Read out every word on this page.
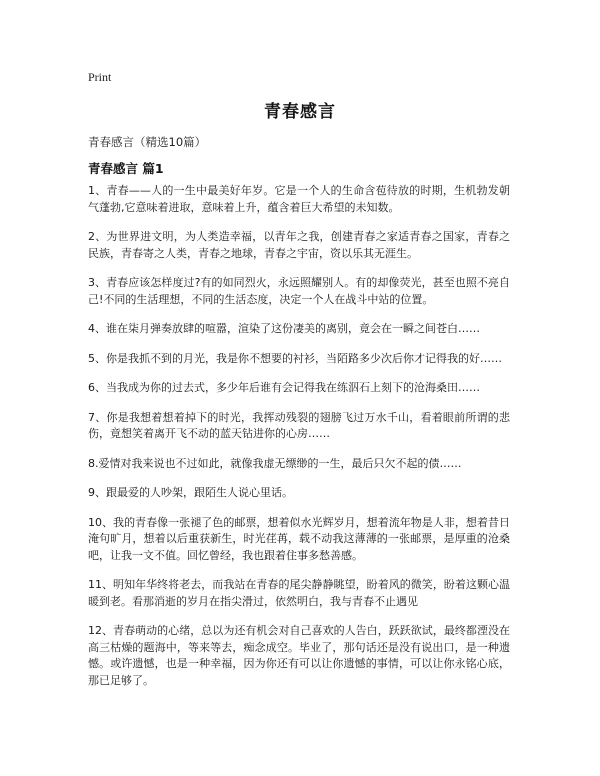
Print
青春感言
青春感言（精选10篇）
青春感言 篇1

1、青春——人的一生中最美好年岁。它是一个人的生命含苞待放的时期，生机勃发朝气蓬勃,它意味着进取，意味着上升，蕴含着巨大希望的未知数。

2、为世界进文明，为人类造幸福，以青年之我，创建青春之家适青春之国家，青春之民族，青春寄之人类，青春之地球，青春之宇宙，资以乐其无涯生。

3、青春应该怎样度过?有的如同烈火，永远照耀别人。有的却像荧光，甚至也照不亮自己!不同的生活理想，不同的生活态度，决定一个人在战斗中站的位置。

4、谁在柒月弹奏放肆的喧嚣，渲染了这份凄美的离别，竟会在一瞬之间苍白……

5、你是我抓不到的月光，我是你不想要的衬衫，当陌路多少次后你才记得我的好……

6、当我成为你的过去式，多少年后谁有会记得我在练泅石上刻下的沧海桑田……

7、你是我想着想着掉下的时光，我挥动残裂的翅膀飞过万水千山，看着眼前所谓的悲伤，竟想笑着离开飞不动的蓝天钻进你的心房……

8.爱情对我来说也不过如此，就像我虚无缥缈的一生，最后只欠不起的债……

9、跟最爱的人吵架，跟陌生人说心里话。

10、我的青春像一张褪了色的邮票，想着似水光辉岁月，想着流年物是人非，想着昔日淹句旷月，想着以后重获新生，时光荏苒，载不动我这薄薄的一张邮票，是厚重的沧桑吧，让我一文不值。回忆曾经，我也跟着住事多愁善感。

11、明知年华终将老去，而我站在青春的尾尖静静眺望，盼着风的微笑，盼着这颗心温暖到老。看那消逝的岁月在指尖滑过，依然明白，我与青春不止遇见

12、青春萌动的心绪，总以为还有机会对自己喜欢的人告白，跃跃欲试，最终都湮没在高三枯燥的题海中，等来等去，痴念成空。毕业了，那句话还是没有说出口，是一种遗憾。或许遗憾，也是一种幸福，因为你还有可以让你遗憾的事情，可以让你永铭心底，那已足够了。
